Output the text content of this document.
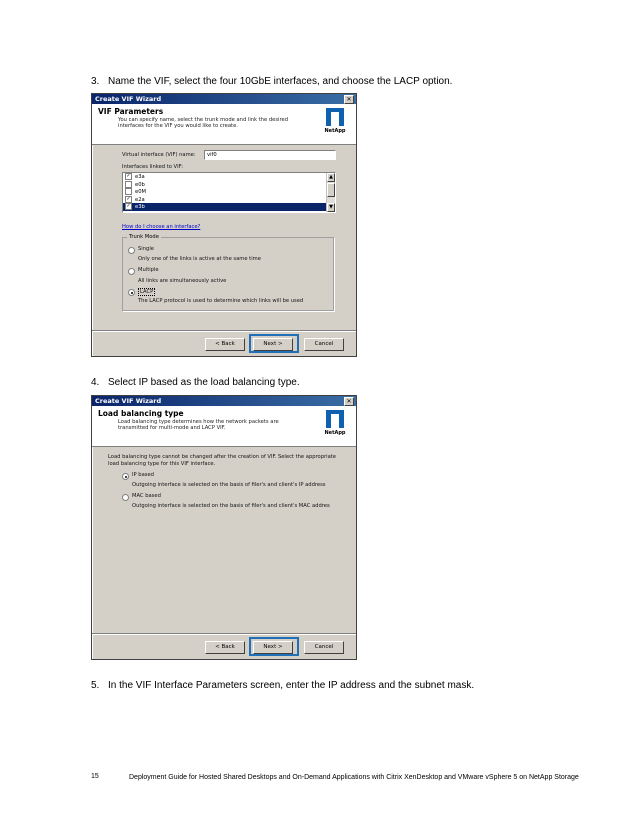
3. Name the VIF, select the four 10GbE interfaces, and choose the LACP option.
Create VIF Wizard	✕
VIF Parameters
You can specify name, select the trunk mode and link the desired interfaces for the VIF you would like to create.
NetApp
Virtual interface (VIF) name:	vif0
Interfaces linked to VIF:
✓ e3a
e0b
e0M
✓ e2a
✓ e3b
▲
▼
How do I choose an interface?
Trunk Mode
Single
Only one of the links is active at the same time
Multiple
All links are simultaneously active
LACP
The LACP protocol is used to determine which links will be used
< Back	Next >	Cancel
4. Select IP based as the load balancing type.
Create VIF Wizard	✕
Load balancing type
Load balancing type determines how the network packets are transmitted for multi-mode and LACP VIF.
NetApp
Load balancing type cannot be changed after the creation of VIF. Select the appropriate load balancing type for this VIF interface.
IP based
Outgoing interface is selected on the basis of filer's and client's IP address
MAC based
Outgoing interface is selected on the basis of filer's and client's MAC addres
< Back	Next >	Cancel
5. In the VIF Interface Parameters screen, enter the IP address and the subnet mask.
15	Deployment Guide for Hosted Shared Desktops and On-Demand Applications with Citrix XenDesktop and VMware vSphere 5 on NetApp Storage
